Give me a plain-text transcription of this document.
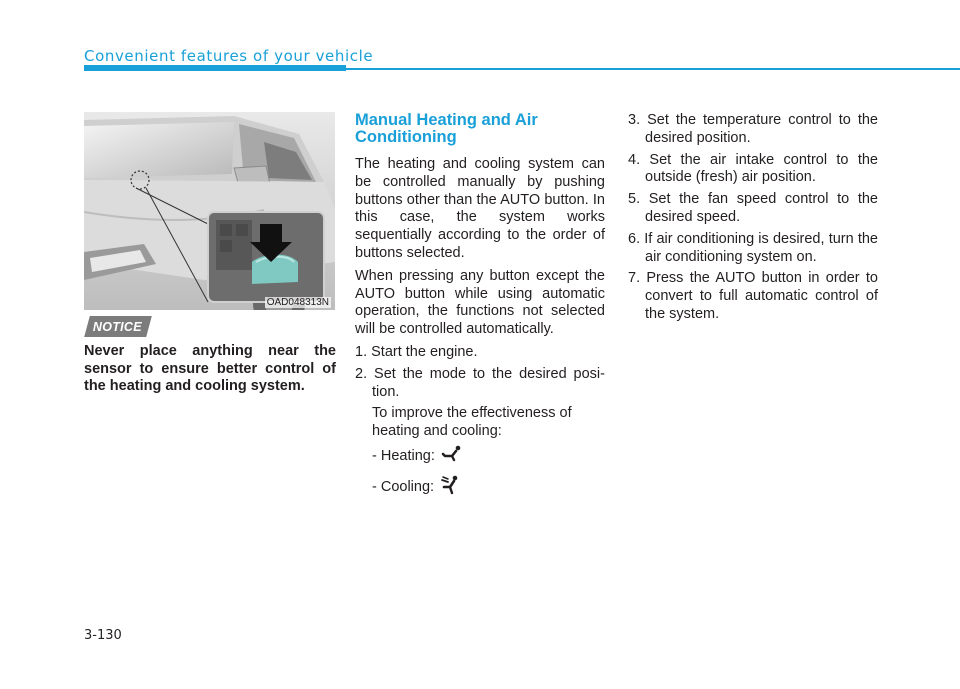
Convenient features of your vehicle
OAD048313N
NOTICE
Never place anything near the sensor to ensure better control of the heating and cooling system.
Manual Heating and Air Conditioning
The heating and cooling system can be controlled manually by pushing buttons other than the AUTO button. In this case, the system works sequentially according to the order of buttons selected.
When pressing any button except the AUTO button while using automatic operation, the functions not selected will be controlled automatically.
1. Start the engine.
2. Set the mode to the desired posi-tion.
To improve the effectiveness of heating and cooling:
- Heating:
- Cooling:
3. Set the temperature control to the desired position.
4. Set the air intake control to the outside (fresh) air position.
5. Set the fan speed control to the desired speed.
6. If air conditioning is desired, turn the air conditioning system on.
7. Press the AUTO button in order to convert to full automatic control of the system.
3-130
